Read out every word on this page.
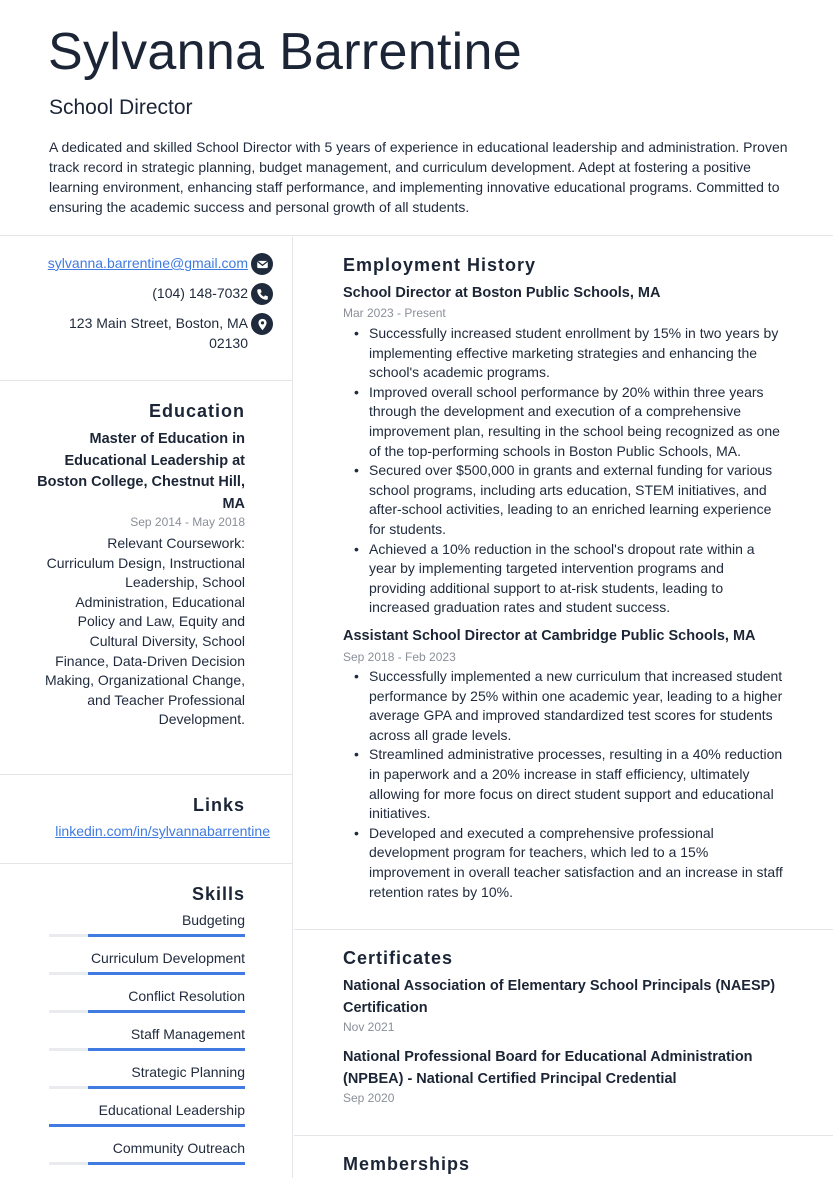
Sylvanna Barrentine
School Director
A dedicated and skilled School Director with 5 years of experience in educational leadership and administration. Proven track record in strategic planning, budget management, and curriculum development. Adept at fostering a positive learning environment, enhancing staff performance, and implementing innovative educational programs. Committed to ensuring the academic success and personal growth of all students.
sylvanna.barrentine@gmail.com
(104) 148-7032
123 Main Street, Boston, MA
02130
Education
Master of Education in Educational Leadership at Boston College, Chestnut Hill, MA
Sep 2014 - May 2018
Relevant Coursework: Curriculum Design, Instructional Leadership, School Administration, Educational Policy and Law, Equity and Cultural Diversity, School Finance, Data-Driven Decision Making, Organizational Change, and Teacher Professional Development.
Links
linkedin.com/in/sylvannabarrentine
Skills
Budgeting
Curriculum Development
Conflict Resolution
Staff Management
Strategic Planning
Educational Leadership
Community Outreach
Employment History
School Director at Boston Public Schools, MA
Mar 2023 - Present
• Successfully increased student enrollment by 15% in two years by implementing effective marketing strategies and enhancing the school's academic programs.
• Improved overall school performance by 20% within three years through the development and execution of a comprehensive improvement plan, resulting in the school being recognized as one of the top-performing schools in Boston Public Schools, MA.
• Secured over $500,000 in grants and external funding for various school programs, including arts education, STEM initiatives, and after-school activities, leading to an enriched learning experience for students.
• Achieved a 10% reduction in the school's dropout rate within a year by implementing targeted intervention programs and providing additional support to at-risk students, leading to increased graduation rates and student success.
Assistant School Director at Cambridge Public Schools, MA
Sep 2018 - Feb 2023
• Successfully implemented a new curriculum that increased student performance by 25% within one academic year, leading to a higher average GPA and improved standardized test scores for students across all grade levels.
• Streamlined administrative processes, resulting in a 40% reduction in paperwork and a 20% increase in staff efficiency, ultimately allowing for more focus on direct student support and educational initiatives.
• Developed and executed a comprehensive professional development program for teachers, which led to a 15% improvement in overall teacher satisfaction and an increase in staff retention rates by 10%.
Certificates
National Association of Elementary School Principals (NAESP) Certification
Nov 2021
National Professional Board for Educational Administration (NPBEA) - National Certified Principal Credential
Sep 2020
Memberships
